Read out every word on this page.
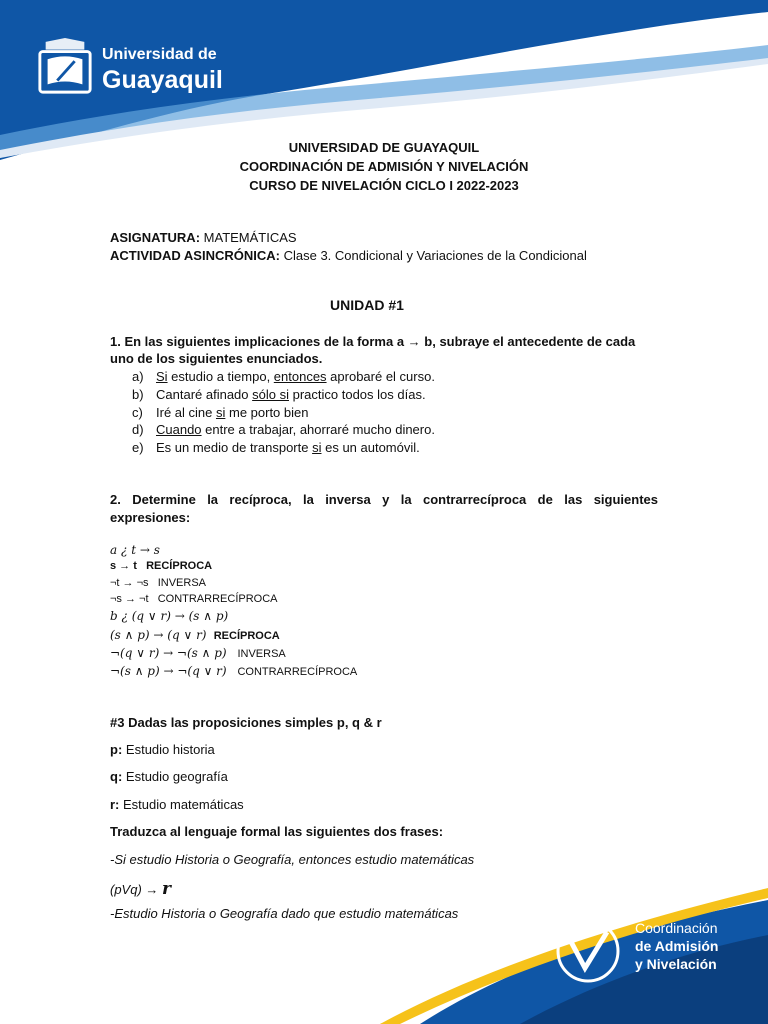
Universidad de
Guayaquil
UNIVERSIDAD DE GUAYAQUIL
COORDINACIÓN DE ADMISIÓN Y NIVELACIÓN
CURSO DE NIVELACIÓN CICLO I 2022-2023
ASIGNATURA: MATEMÁTICAS
ACTIVIDAD ASINCRÓNICA: Clase 3. Condicional y Variaciones de la Condicional
UNIDAD #1
1. En las siguientes implicaciones de la forma a → b, subraye el antecedente de cada
uno de los siguientes enunciados.
a) Si estudio a tiempo, entonces aprobaré el curso.
b) Cantaré afinado sólo si practico todos los días.
c) Iré al cine si me porto bien
d) Cuando entre a trabajar, ahorraré mucho dinero.
e) Es un medio de transporte si es un automóvil.
2. Determine la recíproca, la inversa y la contrarrecíproca de las siguientes
expresiones:
a ¿ t → s
s → t RECÍPROCA
¬t → ¬s INVERSA
¬s → ¬t CONTRARRECÍPROCA
b ¿ (q ∨ r) → (s ∧ p)
(s ∧ p) → (q ∨ r) RECÍPROCA
¬(q ∨ r) → ¬(s ∧ p) INVERSA
¬(s ∧ p) → ¬(q ∨ r) CONTRARRECÍPROCA
#3 Dadas las proposiciones simples p, q & r
p: Estudio historia
q: Estudio geografía
r: Estudio matemáticas
Traduzca al lenguaje formal las siguientes dos frases:
-Si estudio Historia o Geografía, entonces estudio matemáticas
(pVq) → r
-Estudio Historia o Geografía dado que estudio matemáticas
Coordinación
de Admisión
y Nivelación
